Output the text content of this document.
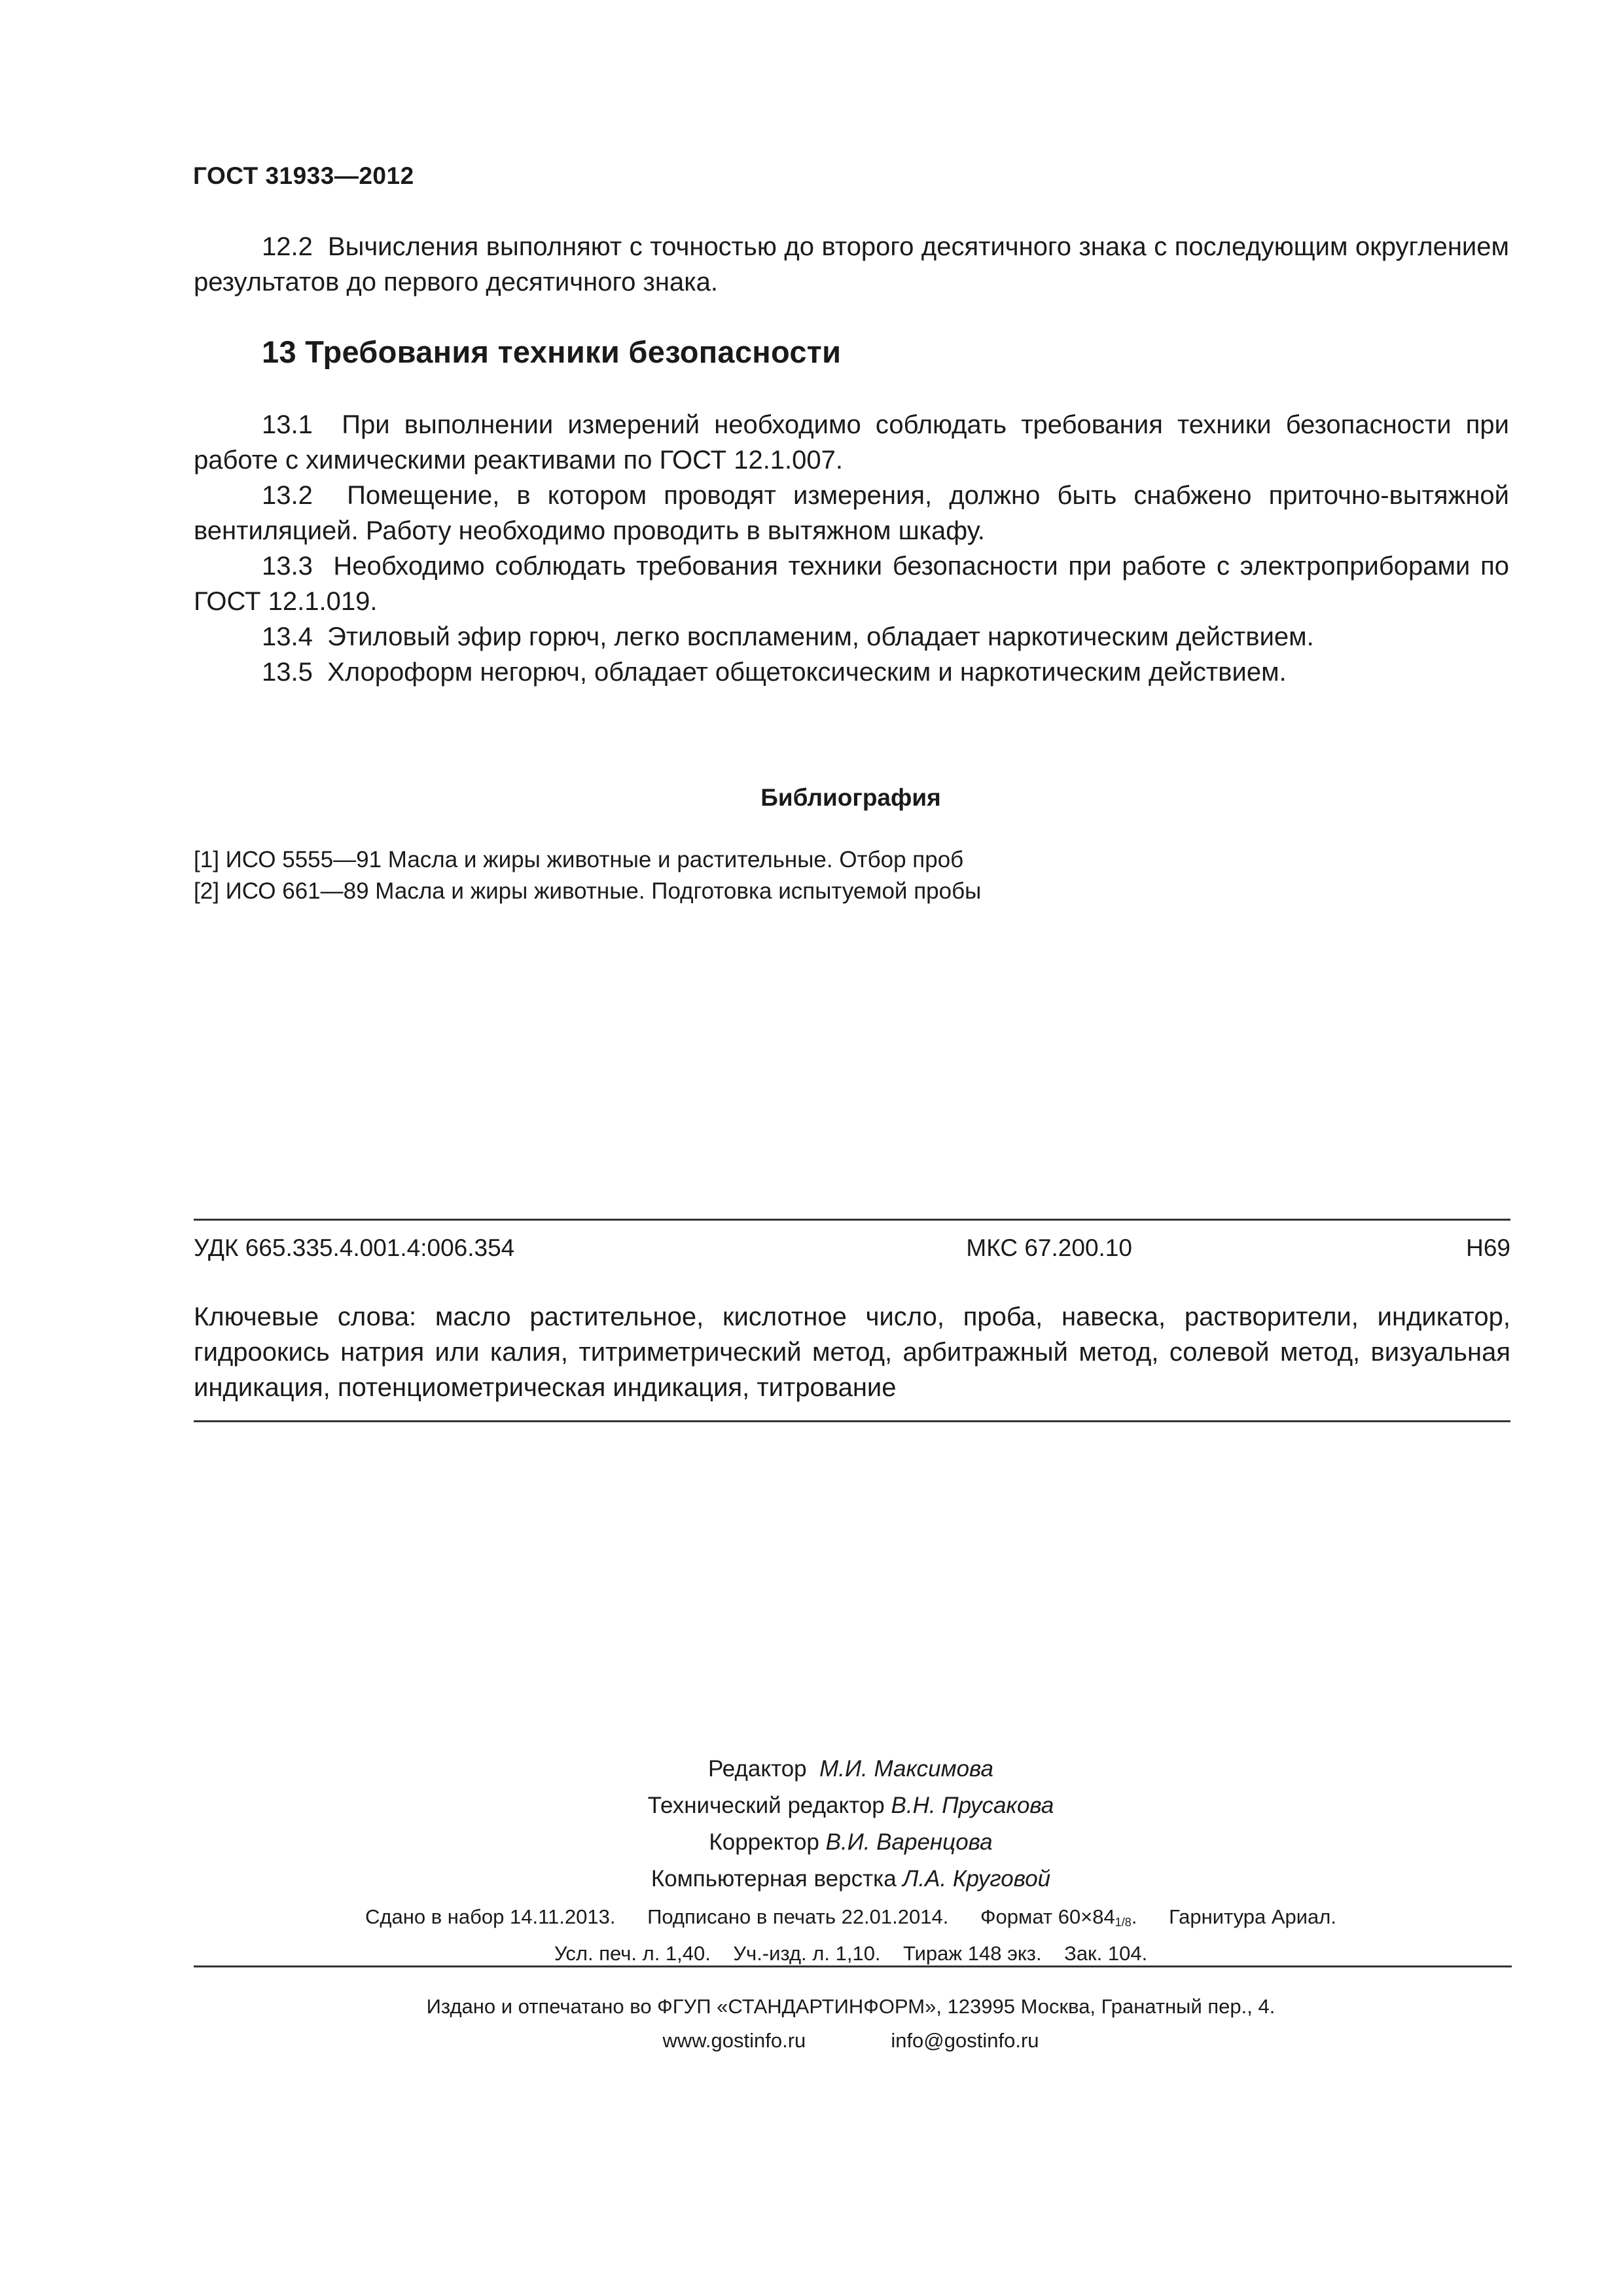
ГОСТ 31933—2012

12.2 Вычисления выполняют с точностью до второго десятичного знака с последующим округлением результатов до первого десятичного знака.

13 Требования техники безопасности

13.1 При выполнении измерений необходимо соблюдать требования техники безопасности при работе с химическими реактивами по ГОСТ 12.1.007.

13.2 Помещение, в котором проводят измерения, должно быть снабжено приточно-вытяжной вентиляцией. Работу необходимо проводить в вытяжном шкафу.

13.3 Необходимо соблюдать требования техники безопасности при работе с электроприборами по ГОСТ 12.1.019.

13.4 Этиловый эфир горюч, легко воспламеним, обладает наркотическим действием.

13.5 Хлороформ негорюч, обладает общетоксическим и наркотическим действием.

Библиография
[1] ИСО 5555—91 Масла и жиры животные и растительные. Отбор проб
[2] ИСО 661—89 Масла и жиры животные. Подготовка испытуемой пробы
УДК 665.335.4.001.4:006.354	МКС 67.200.10	Н69

Ключевые слова: масло растительное, кислотное число, проба, навеска, растворители, индикатор, гидроокись натрия или калия, титриметрический метод, арбитражный метод, солевой метод, визуальная индикация, потенциометрическая индикация, титрование

Редактор М.И. Максимова
Технический редактор В.Н. Прусакова
Корректор В.И. Варенцова
Компьютерная верстка Л.А. Круговой
Сдано в набор 14.11.2013. Подписано в печать 22.01.2014. Формат 60×841/8. Гарнитура Ариал.
Усл. печ. л. 1,40. Уч.-изд. л. 1,10. Тираж 148 экз. Зак. 104.
Издано и отпечатано во ФГУП «СТАНДАРТИНФОРМ», 123995 Москва, Гранатный пер., 4.
www.gostinfo.ru	info@gostinfo.ru
